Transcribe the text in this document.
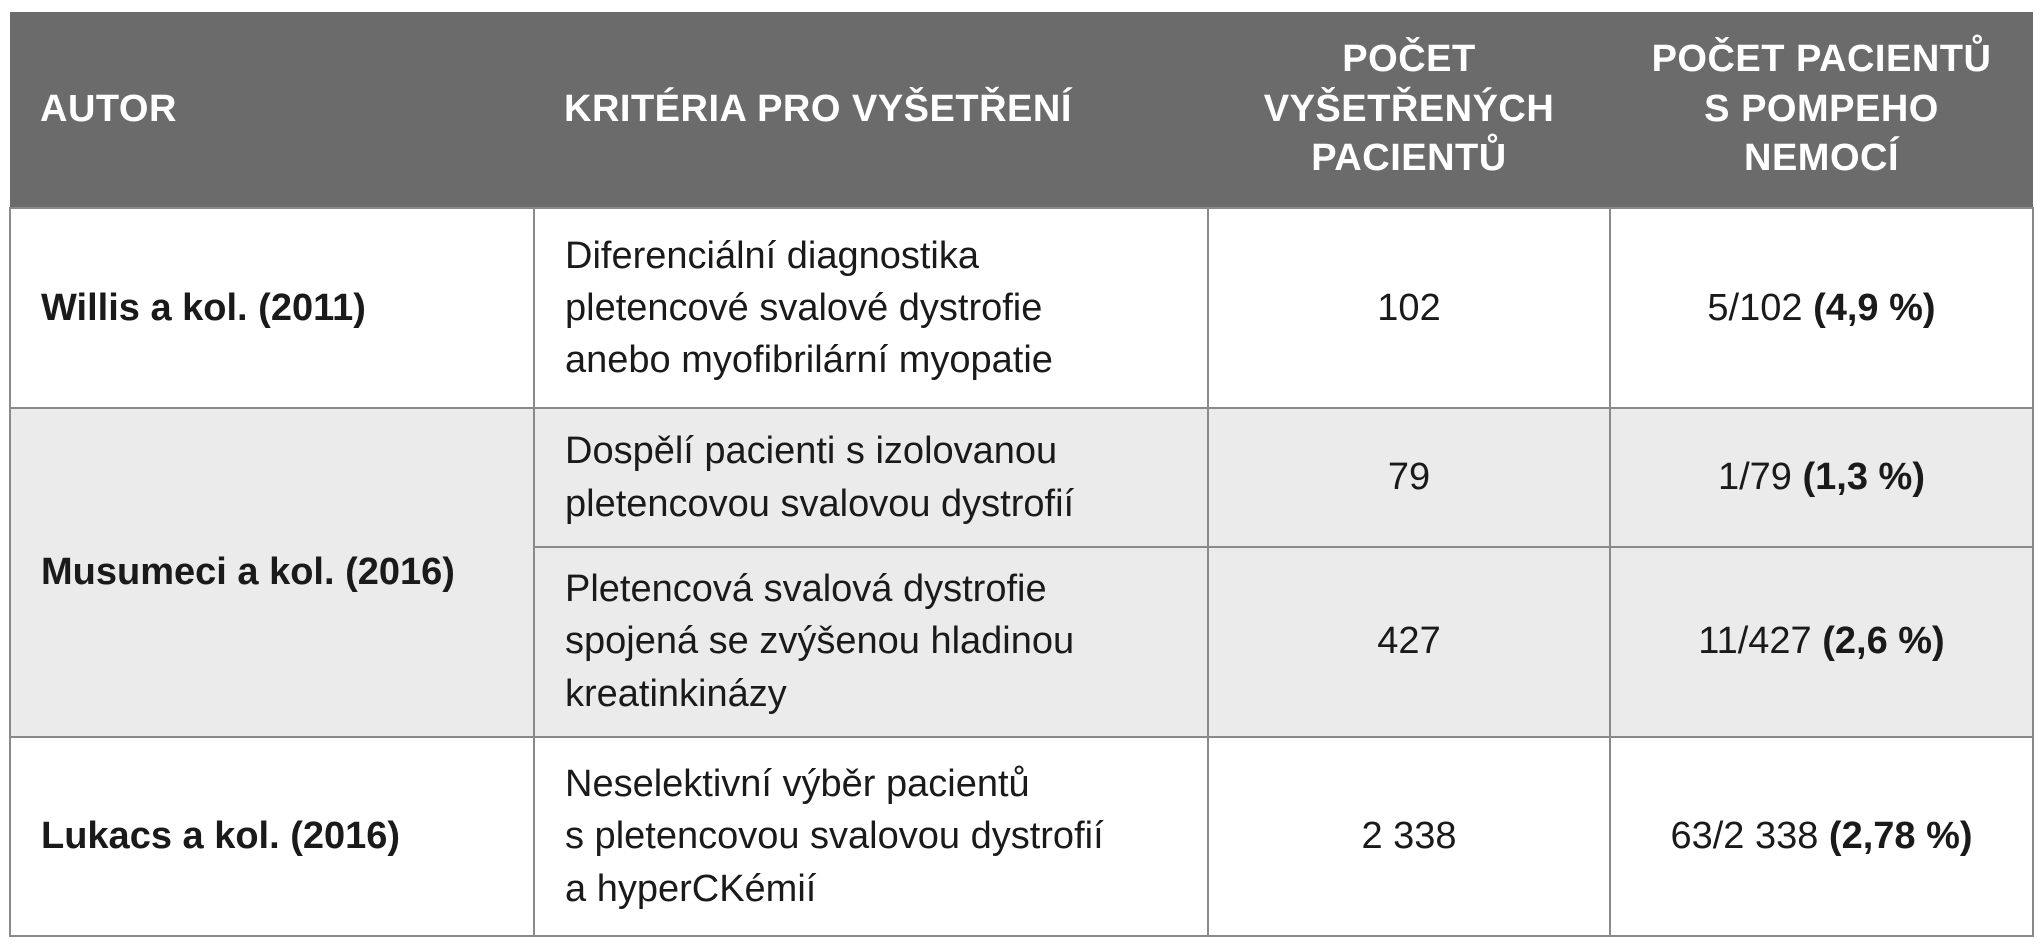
AUTOR	KRITÉRIA PRO VYŠETŘENÍ	POČET
VYŠETŘENÝCH
PACIENTŮ	POČET PACIENTŮ
S POMPEHO
NEMOCÍ
Willis a kol. (2011)	Diferenciální diagnostika
pletencové svalové dystrofie
anebo myofibrilární myopatie	102	5/102 (4,9 %)
Musumeci a kol. (2016)	Dospělí pacienti s izolovanou
pletencovou svalovou dystrofií	79	1/79 (1,3 %)
	Pletencová svalová dystrofie
spojená se zvýšenou hladinou
kreatinkinázy	427	11/427 (2,6 %)
Lukacs a kol. (2016)	Neselektivní výběr pacientů
s pletencovou svalovou dystrofií
a hyperCKémií	2 338	63/2 338 (2,78 %)
